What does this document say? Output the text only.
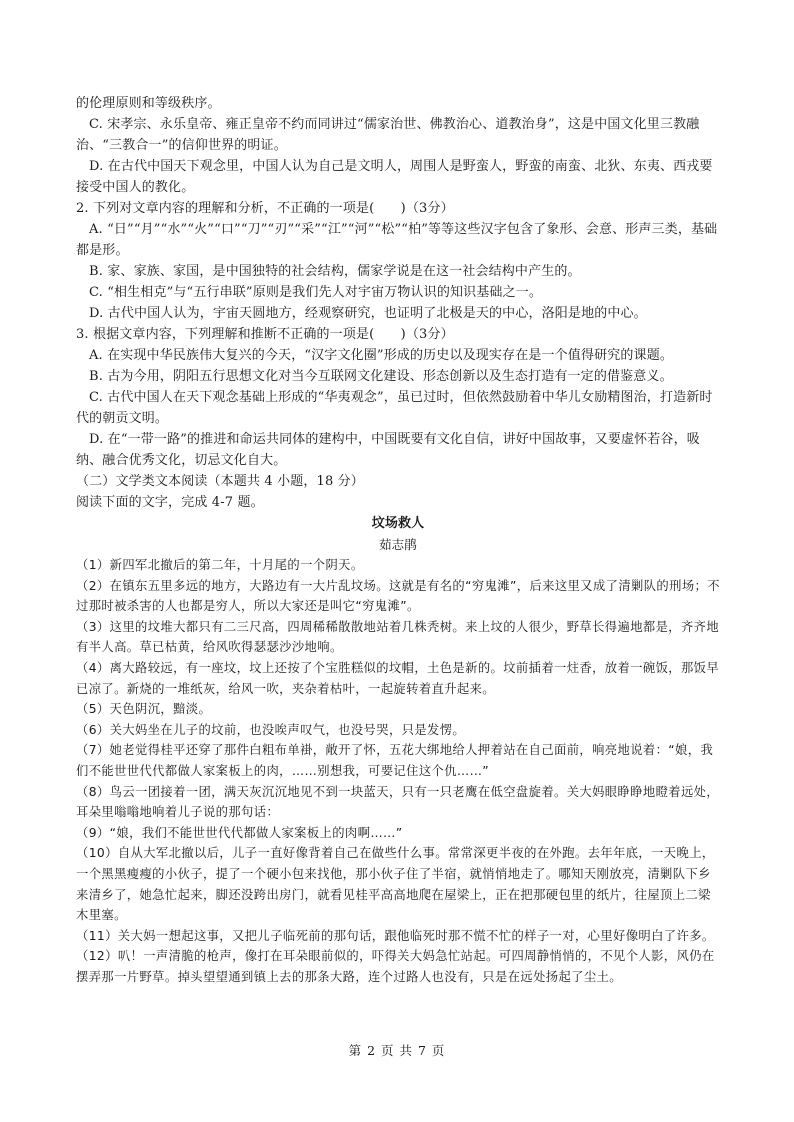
的伦理原则和等级秩序。

C. 宋孝宗、永乐皇帝、雍正皇帝不约而同讲过“儒家治世、佛教治心、道教治身”，这是中国文化里三教融治、“三教合一”的信仰世界的明证。

D. 在古代中国天下观念里，中国人认为自己是文明人，周围人是野蛮人，野蛮的南蛮、北狄、东夷、西戎要接受中国人的教化。

2. 下列对文章内容的理解和分析，不正确的一项是(　　)（3分）

A. “日”“月”“水”“火”“口”“刀”“刃”“采”“江”“河”“松”“柏”等等这些汉字包含了象形、会意、形声三类，基础都是形。

B. 家、家族、家国，是中国独特的社会结构，儒家学说是在这一社会结构中产生的。

C. “相生相克”与“五行串联”原则是我们先人对宇宙万物认识的知识基础之一。

D. 古代中国人认为，宇宙天圆地方，经观察研究，也证明了北极是天的中心，洛阳是地的中心。

3. 根据文章内容，下列理解和推断不正确的一项是(　　)（3分）

A. 在实现中华民族伟大复兴的今天，“汉字文化圈”形成的历史以及现实存在是一个值得研究的课题。

B. 古为今用，阴阳五行思想文化对当今互联网文化建设、形态创新以及生态打造有一定的借鉴意义。

C. 古代中国人在天下观念基础上形成的“华夷观念”，虽已过时，但依然鼓励着中华儿女励精图治，打造新时代的朝贡文明。

D. 在“一带一路”的推进和命运共同体的建构中，中国既要有文化自信，讲好中国故事，又要虚怀若谷，吸纳、融合优秀文化，切忌文化自大。

（二）文学类文本阅读（本题共 4 小题，18 分）

阅读下面的文字，完成 4-7 题。

坟场救人

茹志鹃

（1）新四军北撤后的第二年，十月尾的一个阴天。

（2）在镇东五里多远的地方，大路边有一大片乱坟场。这就是有名的“穷鬼滩”，后来这里又成了清剿队的刑场；不过那时被杀害的人也都是穷人，所以大家还是叫它“穷鬼滩”。

（3）这里的坟堆大都只有二三尺高，四周稀稀散散地站着几株秃树。来上坟的人很少，野草长得遍地都是，齐齐地有半人高。草已枯黄，给风吹得瑟瑟沙沙地响。

（4）离大路较远，有一座坟，坟上还按了个宝胜糕似的坟帽，土色是新的。坟前插着一炷香，放着一碗饭，那饭早已凉了。新烧的一堆纸灰，给风一吹，夹杂着枯叶，一起旋转着直升起来。

（5）天色阴沉，黯淡。

（6）关大妈坐在儿子的坟前，也没唉声叹气，也没号哭，只是发愣。

（7）她老觉得桂平还穿了那件白粗布单褂，敞开了怀，五花大绑地给人押着站在自己面前，响亮地说着：“娘，我们不能世世代代都做人家案板上的肉，……别想我，可要记住这个仇……”

（8）鸟云一团接着一团，满天灰沉沉地见不到一块蓝天，只有一只老鹰在低空盘旋着。关大妈眼睁睁地瞪着远处，耳朵里嗡嗡地响着儿子说的那句话：

（9）“娘，我们不能世世代代都做人家案板上的肉啊……”

（10）自从大军北撤以后，儿子一直好像背着自己在做些什么事。常常深更半夜的在外跑。去年年底，一天晚上，一个黑黑瘦瘦的小伙子，提了一个硬小包来找他，那小伙子住了半宿，就悄悄地走了。哪知天刚放亮，清剿队下乡来清乡了，她急忙起来，脚还没跨出房门，就看见桂平高高地爬在屋梁上，正在把那硬包里的纸片，往屋顶上二梁木里塞。

（11）关大妈一想起这事，又把儿子临死前的那句话，跟他临死时那不慌不忙的样子一对，心里好像明白了许多。

（12）叭！一声清脆的枪声，像打在耳朵眼前似的，吓得关大妈急忙站起。可四周静悄悄的，不见个人影，风仍在摆弄那一片野草。掉头望望通到镇上去的那条大路，连个过路人也没有，只是在远处扬起了尘土。

第 2 页 共 7 页
